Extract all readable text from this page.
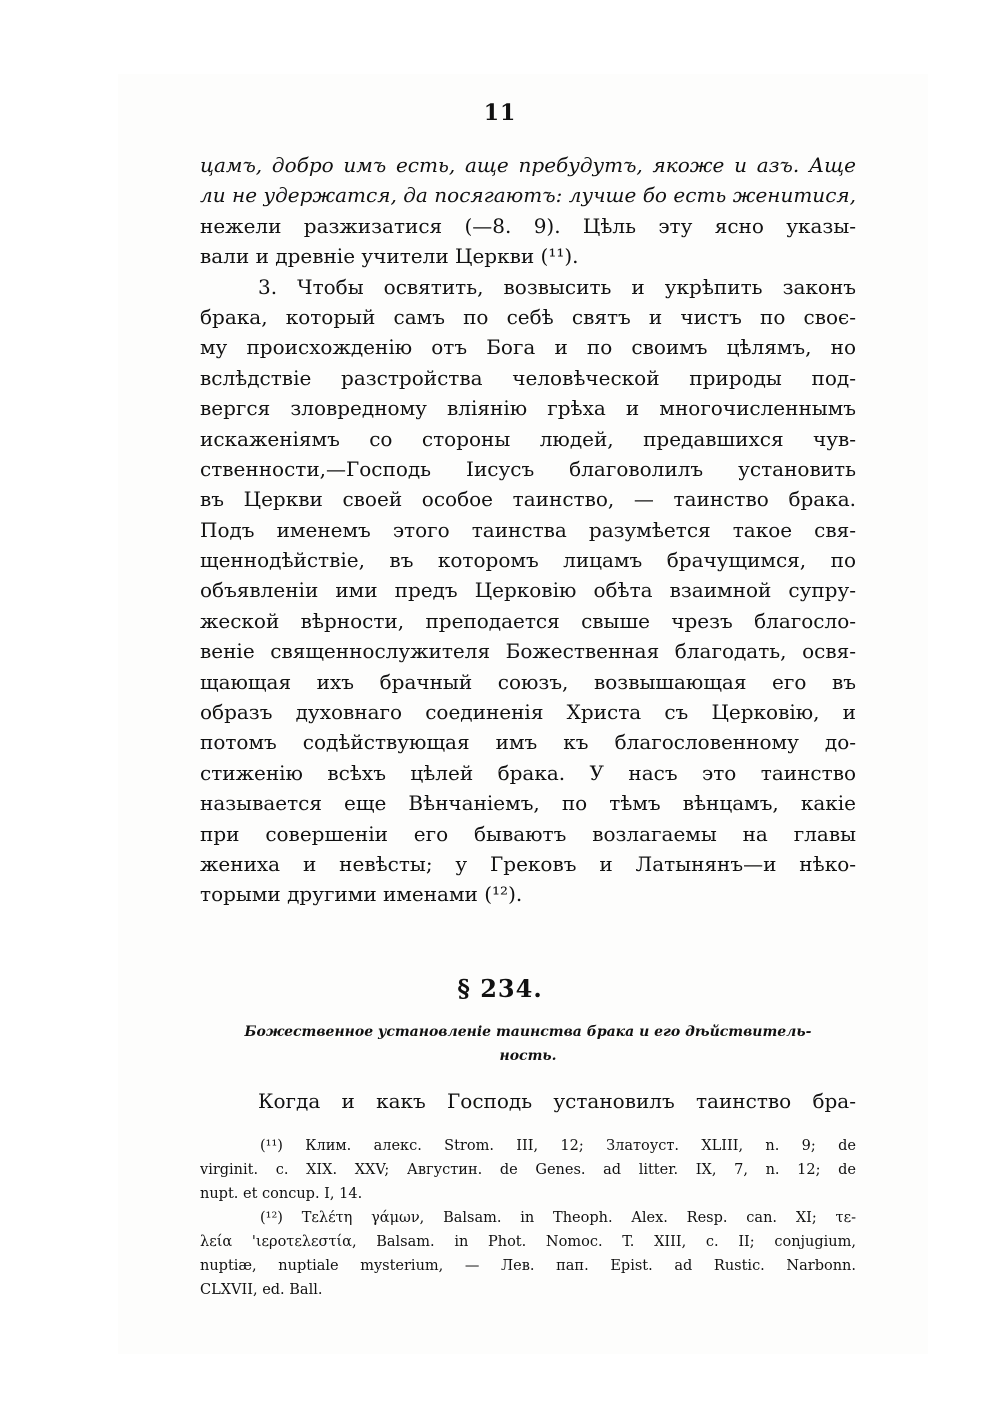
11
цамъ, добро имъ есть, аще пребудутъ, якоже и азъ. Аще
ли не удержатся, да посягаютъ: лучше бо есть женитися,
нежели разжизатися (—8. 9). Цѣль эту ясно указы-
вали и древніе учители Церкви (¹¹).
3. Чтобы освятить, возвысить и укрѣпить законъ
брака, который самъ по себѣ святъ и чистъ по своє-
му происхожденію отъ Бога и по своимъ цѣлямъ, но
вслѣдствіе разстройства человѣческой природы под-
вергся зловредному вліянію грѣха и многочисленнымъ
искаженіямъ со стороны людей, предавшихся чув-
ственности,—Господь Іисусъ благоволилъ установить
въ Церкви своей особое таинство, — таинство брака.
Подъ именемъ этого таинства разумѣется такое свя-
щеннодѣйствіе, въ которомъ лицамъ брачущимся, по
объявленіи ими предъ Церковію обѣта взаимной супру-
жеской вѣрности, преподается свыше чрезъ благосло-
веніе священнослужителя Божественная благодать, освя-
щающая ихъ брачный союзъ, возвышающая его въ
образъ духовнаго соединенія Христа съ Церковію, и
потомъ содѣйствующая имъ къ благословенному до-
стиженію всѣхъ цѣлей брака. У насъ это таинство
называется еще Вѣнчаніемъ, по тѣмъ вѣнцамъ, какіе
при совершеніи его бываютъ возлагаемы на главы
жениха и невѣсты; у Грековъ и Латынянъ—и нѣко-
торыми другими именами (¹²).
§ 234.
Божественное установленіе таинства брака и его дѣйствитель-
ность.
Когда и какъ Господь установилъ таинство бра-
(¹¹) Клим. алекс. Strom. III, 12; Златоуст. XLIII, n. 9; de
virginit. c. XIX. XXV; Августин. de Genes. ad litter. IX, 7, n. 12; de
nupt. et concup. I, 14.
(¹²) Τελέτη γάμων, Balsam. in Theoph. Alex. Resp. can. XI; τε-
λεία 'ιεροτελεστία, Balsam. in Phot. Nomoc. T. XIII, c. II; conjugium,
nuptiæ, nuptiale mysterium, — Лев. пап. Epist. ad Rustic. Narbonn.
CLXVII, ed. Ball.
